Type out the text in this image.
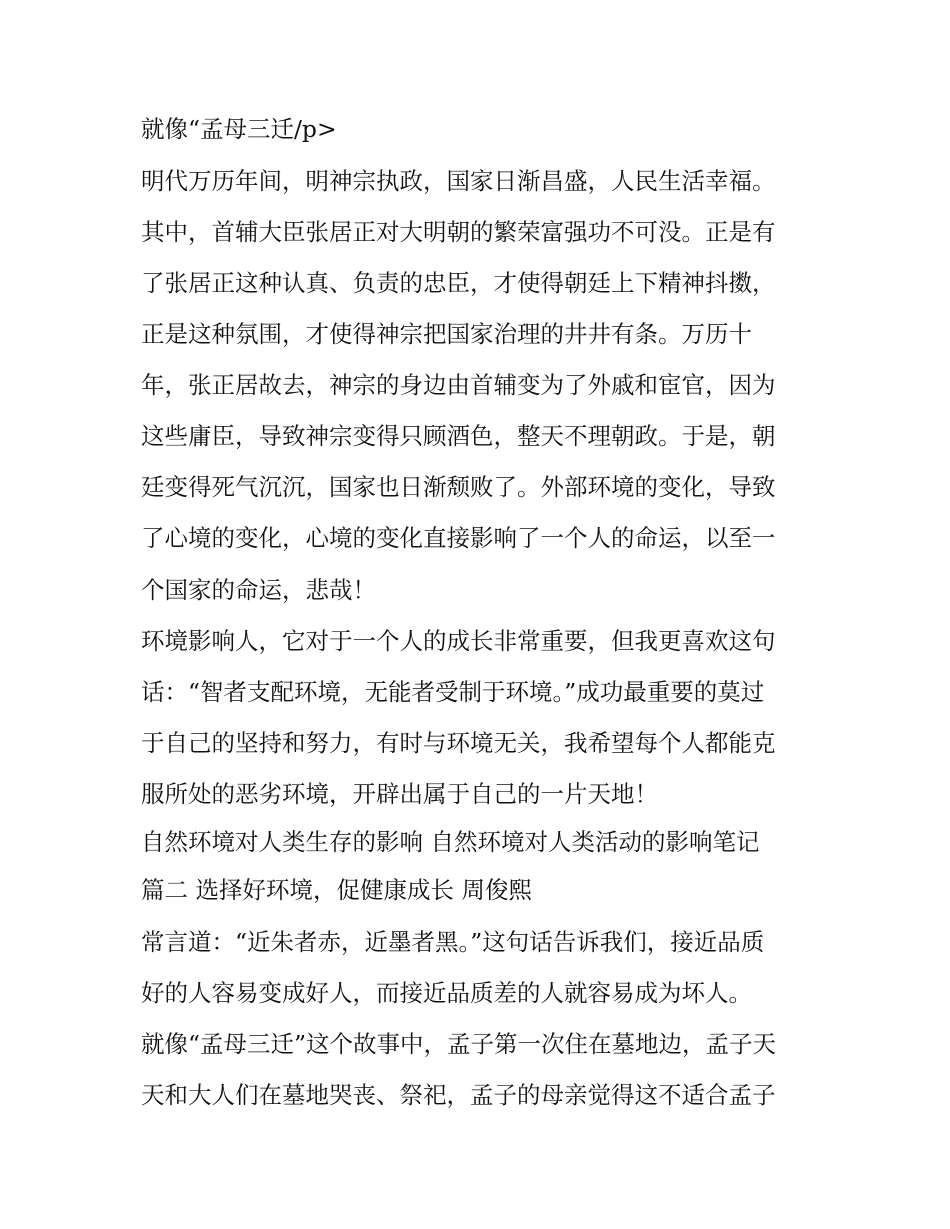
就像“孟母三迁/p>
明代万历年间，明神宗执政，国家日渐昌盛，人民生活幸福。
其中，首辅大臣张居正对大明朝的繁荣富强功不可没。正是有
了张居正这种认真、负责的忠臣，才使得朝廷上下精神抖擞，
正是这种氛围，才使得神宗把国家治理的井井有条。万历十
年，张正居故去，神宗的身边由首辅变为了外戚和宦官，因为
这些庸臣，导致神宗变得只顾酒色，整天不理朝政。于是，朝
廷变得死气沉沉，国家也日渐颓败了。外部环境的变化，导致
了心境的变化，心境的变化直接影响了一个人的命运，以至一
个国家的命运，悲哉！
环境影响人，它对于一个人的成长非常重要，但我更喜欢这句
话：“智者支配环境，无能者受制于环境。”成功最重要的莫过
于自己的坚持和努力，有时与环境无关，我希望每个人都能克
服所处的恶劣环境，开辟出属于自己的一片天地！
自然环境对人类生存的影响 自然环境对人类活动的影响笔记
篇二 选择好环境，促健康成长 周俊熙
常言道：“近朱者赤，近墨者黑。”这句话告诉我们，接近品质
好的人容易变成好人，而接近品质差的人就容易成为坏人。
就像“孟母三迁”这个故事中，孟子第一次住在墓地边，孟子天
天和大人们在墓地哭丧、祭祀，孟子的母亲觉得这不适合孟子
